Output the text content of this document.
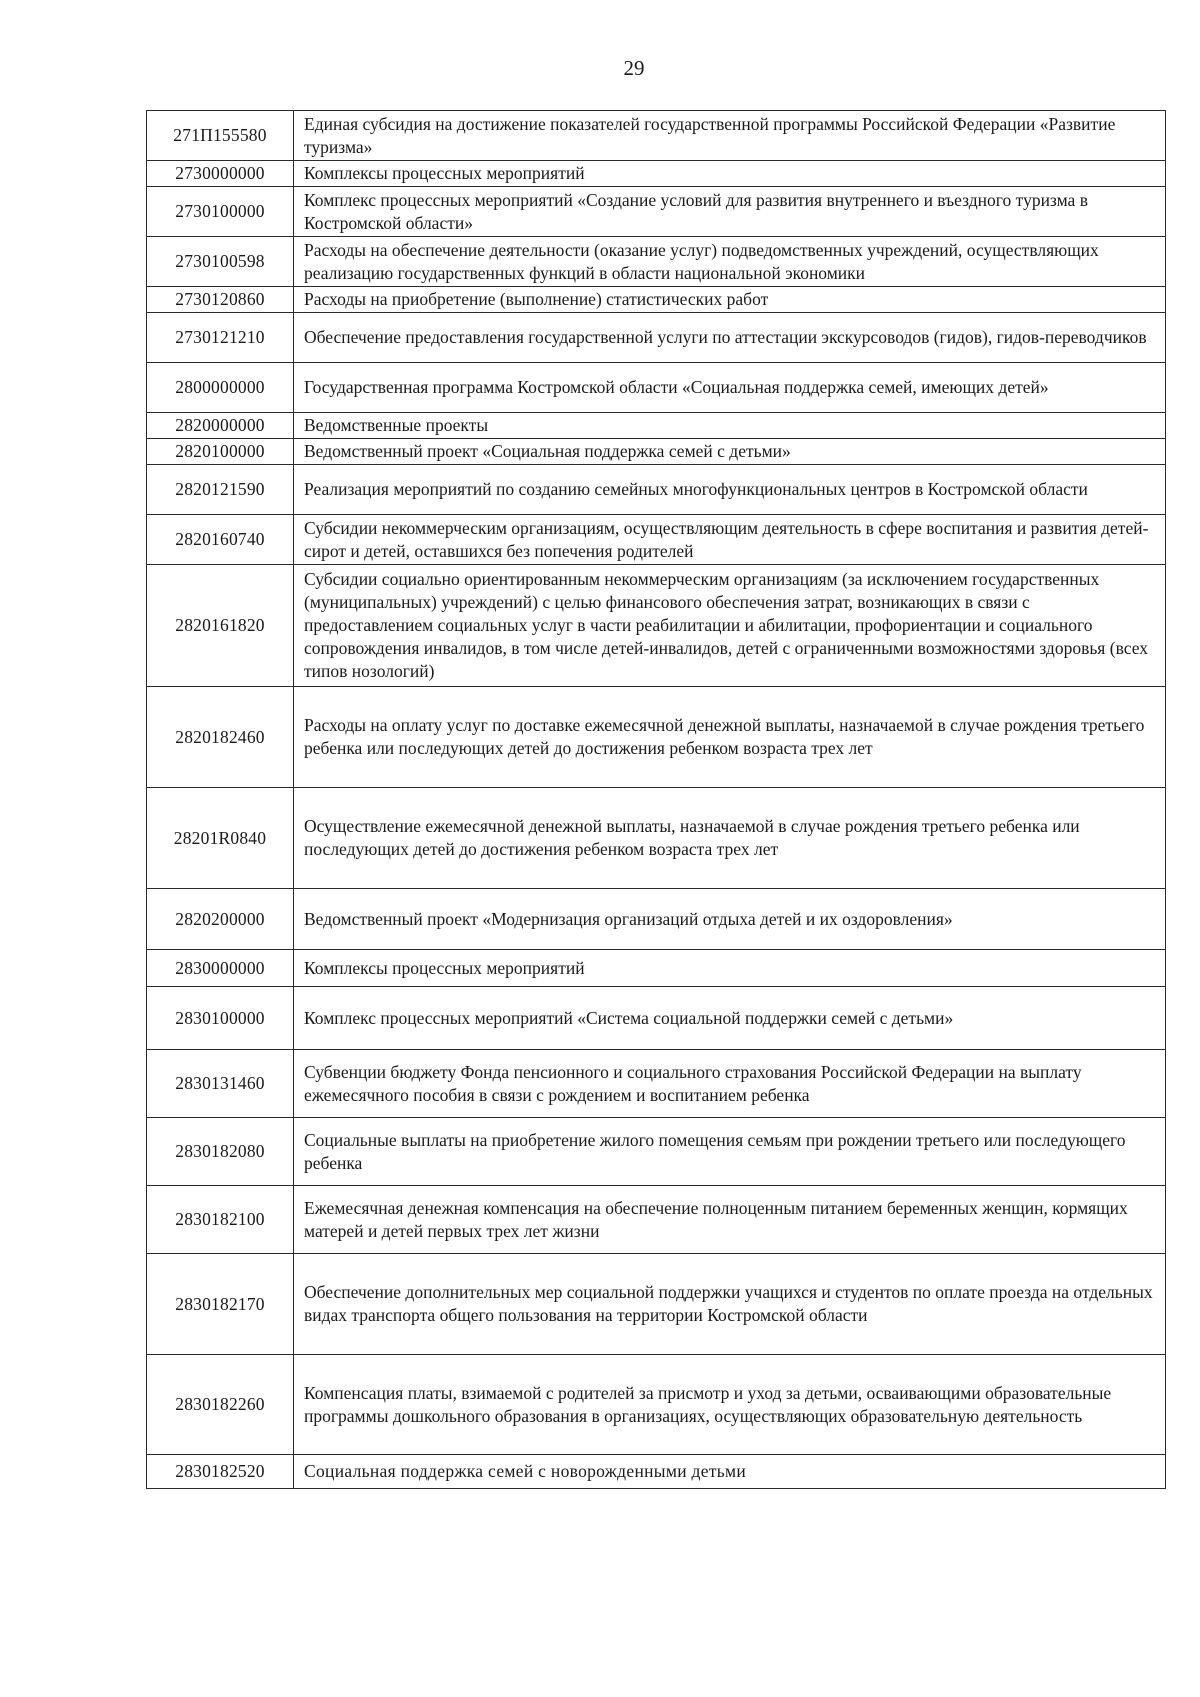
29
271П155580	Единая субсидия на достижение показателей государственной программы Российской Федерации «Развитие туризма»
2730000000	Комплексы процессных мероприятий
2730100000	Комплекс процессных мероприятий «Создание условий для развития внутреннего и въездного туризма в Костромской области»
2730100598	Расходы на обеспечение деятельности (оказание услуг) подведомственных учреждений, осуществляющих реализацию государственных функций в области национальной экономики
2730120860	Расходы на приобретение (выполнение) статистических работ
2730121210	Обеспечение предоставления государственной услуги по аттестации экскурсоводов (гидов), гидов-переводчиков
2800000000	Государственная программа Костромской области «Социальная поддержка семей, имеющих детей»
2820000000	Ведомственные проекты
2820100000	Ведомственный проект «Социальная поддержка семей с детьми»
2820121590	Реализация мероприятий по созданию семейных многофункциональных центров в Костромской области
2820160740	Субсидии некоммерческим организациям, осуществляющим деятельность в сфере воспитания и развития детей-сирот и детей, оставшихся без попечения родителей
2820161820	Субсидии социально ориентированным некоммерческим организациям (за исключением государственных (муниципальных) учреждений) с целью финансового обеспечения затрат, возникающих в связи с предоставлением социальных услуг в части реабилитации и абилитации, профориентации и социального сопровождения инвалидов, в том числе детей-инвалидов, детей с ограниченными возможностями здоровья (всех типов нозологий)
2820182460	Расходы на оплату услуг по доставке ежемесячной денежной выплаты, назначаемой в случае рождения третьего ребенка или последующих детей до достижения ребенком возраста трех лет
28201R0840	Осуществление ежемесячной денежной выплаты, назначаемой в случае рождения третьего ребенка или последующих детей до достижения ребенком возраста трех лет
2820200000	Ведомственный проект «Модернизация организаций отдыха детей и их оздоровления»
2830000000	Комплексы процессных мероприятий
2830100000	Комплекс процессных мероприятий «Система социальной поддержки семей с детьми»
2830131460	Субвенции бюджету Фонда пенсионного и социального страхования Российской Федерации на выплату ежемесячного пособия в связи с рождением и воспитанием ребенка
2830182080	Социальные выплаты на приобретение жилого помещения семьям при рождении третьего или последующего ребенка
2830182100	Ежемесячная денежная компенсация на обеспечение полноценным питанием беременных женщин, кормящих матерей и детей первых трех лет жизни
2830182170	Обеспечение дополнительных мер социальной поддержки учащихся и студентов по оплате проезда на отдельных видах транспорта общего пользования на территории Костромской области
2830182260	Компенсация платы, взимаемой с родителей за присмотр и уход за детьми, осваивающими образовательные программы дошкольного образования в организациях, осуществляющих образовательную деятельность
2830182520	Социальная поддержка семей с новорожденными детьми
